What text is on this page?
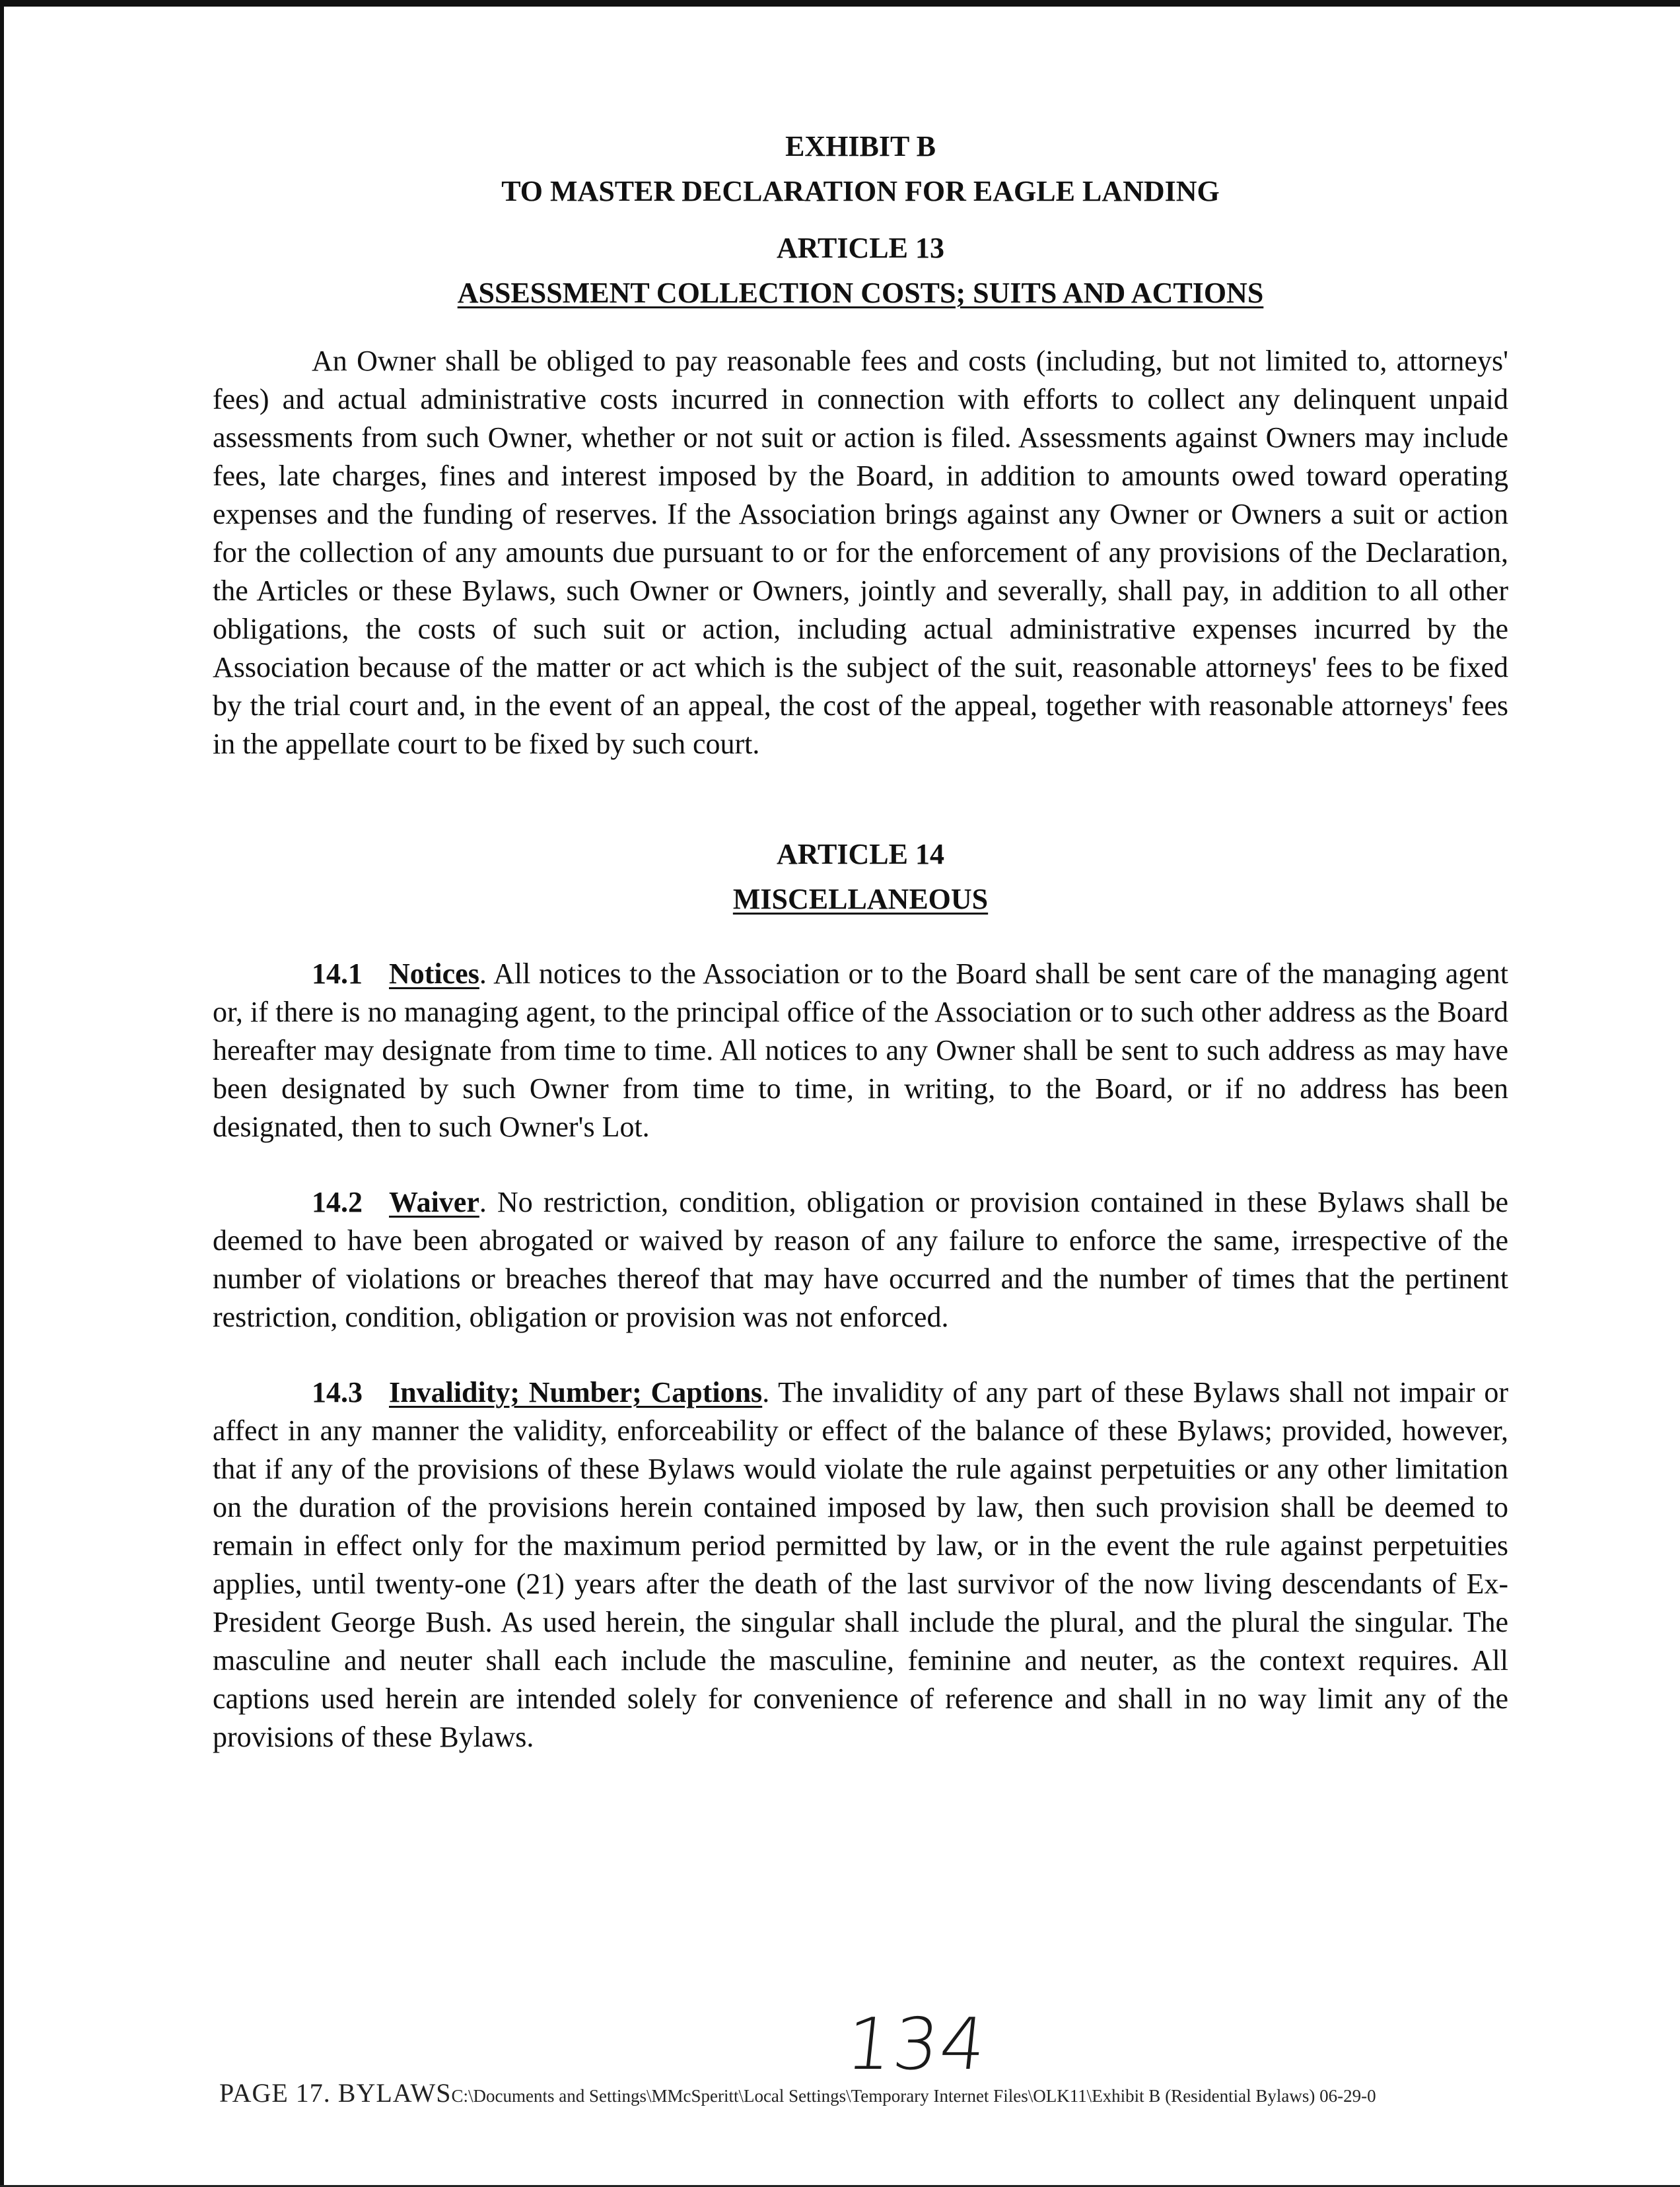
EXHIBIT B

TO MASTER DECLARATION FOR EAGLE LANDING

ARTICLE 13

ASSESSMENT COLLECTION COSTS; SUITS AND ACTIONS

An Owner shall be obliged to pay reasonable fees and costs (including, but not limited to, attorneys' fees) and actual administrative costs incurred in connection with efforts to collect any delinquent unpaid assessments from such Owner, whether or not suit or action is filed. Assessments against Owners may include fees, late charges, fines and interest imposed by the Board, in addition to amounts owed toward operating expenses and the funding of reserves. If the Association brings against any Owner or Owners a suit or action for the collection of any amounts due pursuant to or for the enforcement of any provisions of the Declaration, the Articles or these Bylaws, such Owner or Owners, jointly and severally, shall pay, in addition to all other obligations, the costs of such suit or action, including actual administrative expenses incurred by the Association because of the matter or act which is the subject of the suit, reasonable attorneys' fees to be fixed by the trial court and, in the event of an appeal, the cost of the appeal, together with reasonable attorneys' fees in the appellate court to be fixed by such court.

ARTICLE 14

MISCELLANEOUS

14.1 Notices. All notices to the Association or to the Board shall be sent care of the managing agent or, if there is no managing agent, to the principal office of the Association or to such other address as the Board hereafter may designate from time to time. All notices to any Owner shall be sent to such address as may have been designated by such Owner from time to time, in writing, to the Board, or if no address has been designated, then to such Owner's Lot.

14.2 Waiver. No restriction, condition, obligation or provision contained in these Bylaws shall be deemed to have been abrogated or waived by reason of any failure to enforce the same, irrespective of the number of violations or breaches thereof that may have occurred and the number of times that the pertinent restriction, condition, obligation or provision was not enforced.

14.3 Invalidity; Number; Captions. The invalidity of any part of these Bylaws shall not impair or affect in any manner the validity, enforceability or effect of the balance of these Bylaws; provided, however, that if any of the provisions of these Bylaws would violate the rule against perpetuities or any other limitation on the duration of the provisions herein contained imposed by law, then such provision shall be deemed to remain in effect only for the maximum period permitted by law, or in the event the rule against perpetuities applies, until twenty-one (21) years after the death of the last survivor of the now living descendants of Ex-President George Bush. As used herein, the singular shall include the plural, and the plural the singular. The masculine and neuter shall each include the masculine, feminine and neuter, as the context requires. All captions used herein are intended solely for convenience of reference and shall in no way limit any of the provisions of these Bylaws.

134
PAGE 17. BYLAWSC:\Documents and Settings\MMcSperitt\Local Settings\Temporary Internet Files\OLK11\Exhibit B (Residential Bylaws) 06-29-0
